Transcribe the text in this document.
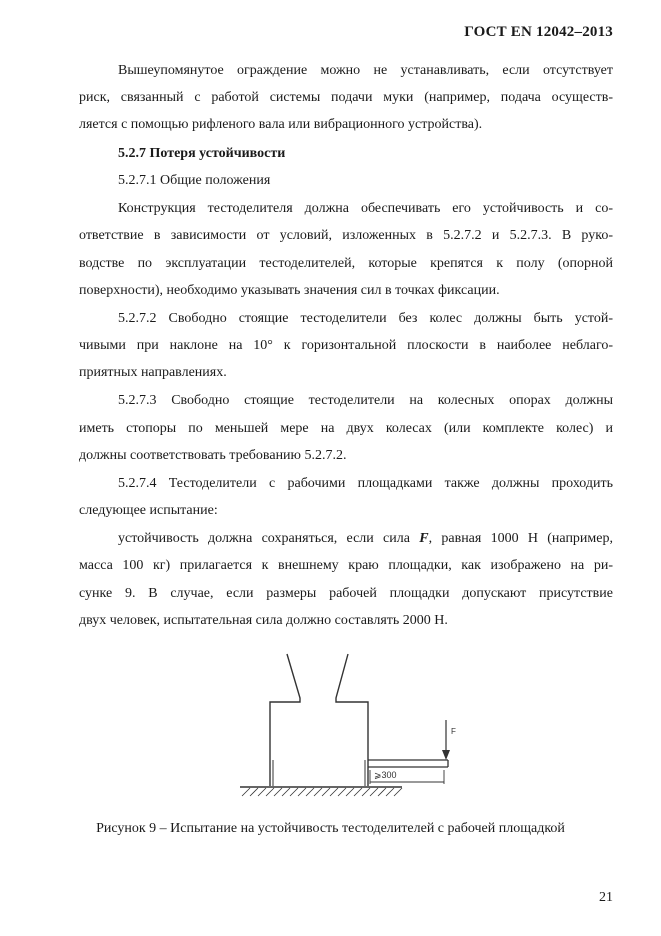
ГОСТ EN 12042–2013
Вышеупомянутое ограждение можно не устанавливать, если отсутствует
риск, связанный с работой системы подачи муки (например, подача осуществ-
ляется с помощью рифленого вала или вибрационного устройства).
5.2.7 Потеря устойчивости
5.2.7.1 Общие положения
Конструкция тестоделителя должна обеспечивать его устойчивость и со-
ответствие в зависимости от условий, изложенных в 5.2.7.2 и 5.2.7.3. В руко-
водстве по эксплуатации тестоделителей, которые крепятся к полу (опорной
поверхности), необходимо указывать значения сил в точках фиксации.
5.2.7.2 Свободно стоящие тестоделители без колес должны быть устой-
чивыми при наклоне на 10° к горизонтальной плоскости в наиболее неблаго-
приятных направлениях.
5.2.7.3 Свободно стоящие тестоделители на колесных опорах должны
иметь стопоры по меньшей мере на двух колесах (или комплекте колес) и
должны соответствовать требованию 5.2.7.2.
5.2.7.4 Тестоделители с рабочими площадками также должны проходить
следующее испытание:
устойчивость должна сохраняться, если сила F, равная 1000 Н (например,
масса 100 кг) прилагается к внешнему краю площадки, как изображено на ри-
сунке 9. В случае, если размеры рабочей площадки допускают присутствие
двух человек, испытательная сила должно составлять 2000 Н.
F
⩾300
Рисунок 9 – Испытание на устойчивость тестоделителей с рабочей площадкой
21
